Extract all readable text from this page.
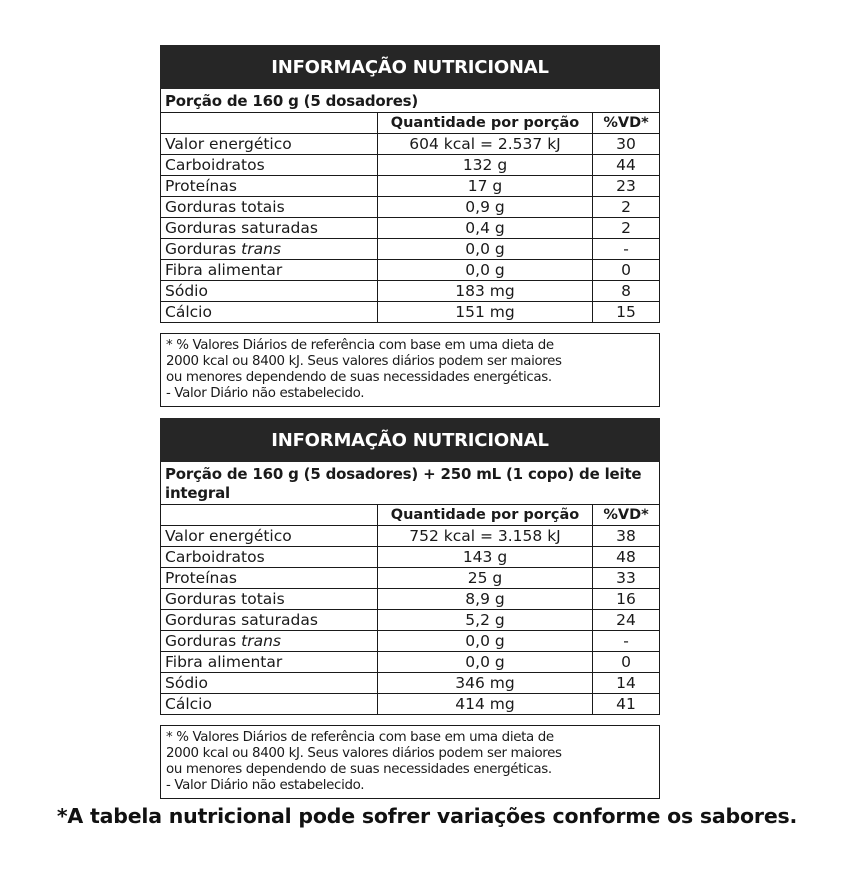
INFORMAÇÃO NUTRICIONAL
Porção de 160 g (5 dosadores)
	Quantidade por porção	%VD*
Valor energético	604 kcal = 2.537 kJ	30
Carboidratos	132 g	44
Proteínas	17 g	23
Gorduras totais	0,9 g	2
Gorduras saturadas	0,4 g	2
Gorduras trans	0,0 g	-
Fibra alimentar	0,0 g	0
Sódio	183 mg	8
Cálcio	151 mg	15
* % Valores Diários de referência com base em uma dieta de
2000 kcal ou 8400 kJ. Seus valores diários podem ser maiores
ou menores dependendo de suas necessidades energéticas.
- Valor Diário não estabelecido.
INFORMAÇÃO NUTRICIONAL
Porção de 160 g (5 dosadores) + 250 mL (1 copo) de leite integral
	Quantidade por porção	%VD*
Valor energético	752 kcal = 3.158 kJ	38
Carboidratos	143 g	48
Proteínas	25 g	33
Gorduras totais	8,9 g	16
Gorduras saturadas	5,2 g	24
Gorduras trans	0,0 g	-
Fibra alimentar	0,0 g	0
Sódio	346 mg	14
Cálcio	414 mg	41
* % Valores Diários de referência com base em uma dieta de
2000 kcal ou 8400 kJ. Seus valores diários podem ser maiores
ou menores dependendo de suas necessidades energéticas.
- Valor Diário não estabelecido.
*A tabela nutricional pode sofrer variações conforme os sabores.
